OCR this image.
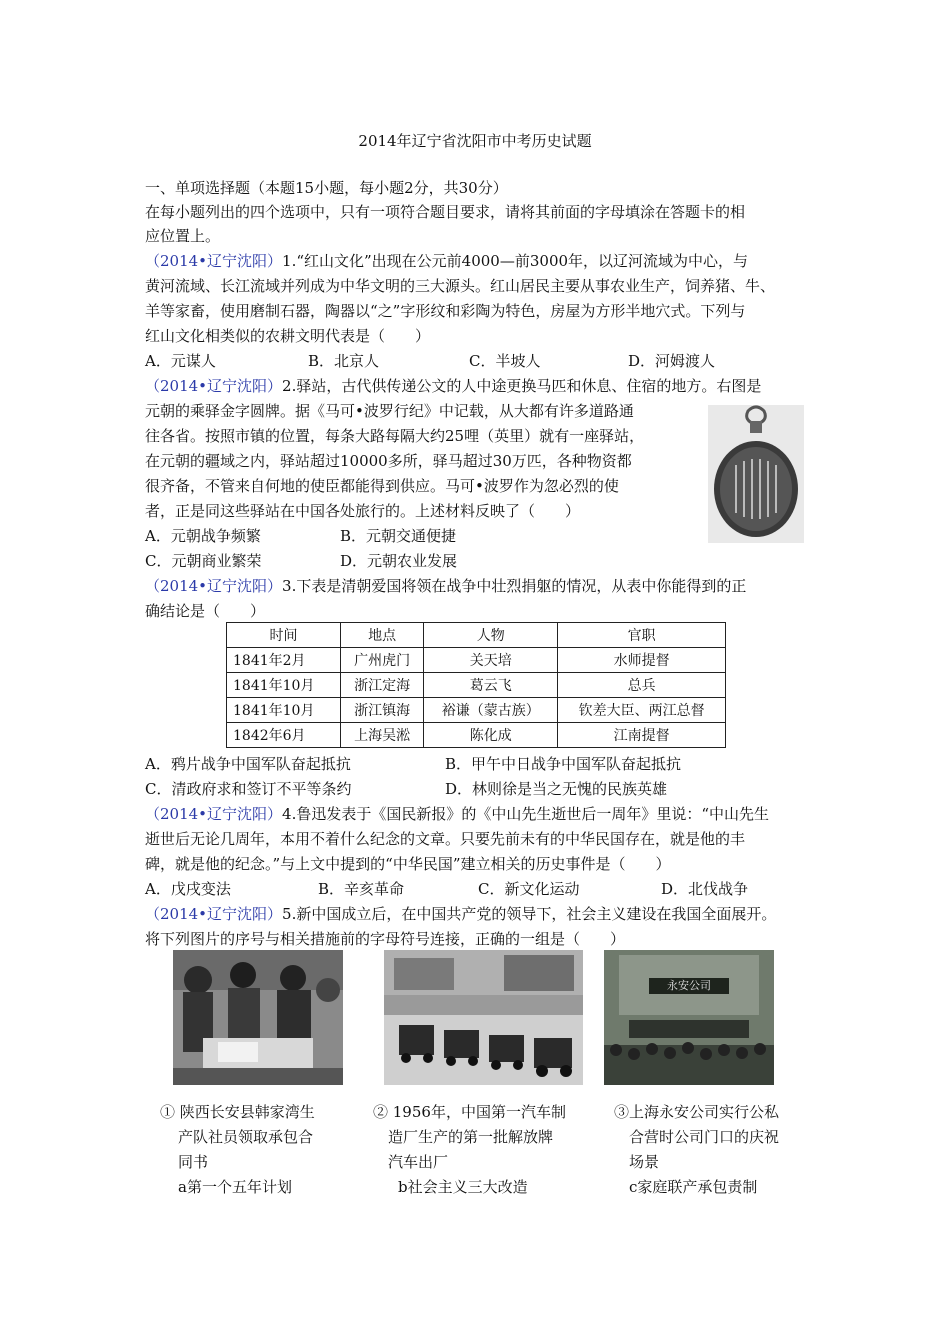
2014年辽宁省沈阳市中考历史试题
一、单项选择题（本题15小题，每小题2分，共30分）
在每小题列出的四个选项中，只有一项符合题目要求，请将其前面的字母填涂在答题卡的相
应位置上。
（2014•辽宁沈阳）1.“红山文化”出现在公元前4000—前3000年，以辽河流域为中心，与
黄河流域、长江流域并列成为中华文明的三大源头。红山居民主要从事农业生产，饲养猪、牛、
羊等家畜，使用磨制石器，陶器以“之”字形纹和彩陶为特色，房屋为方形半地穴式。下列与
红山文化相类似的农耕文明代表是（　　）
A．元谋人	B．北京人	C．半坡人	D．河姆渡人
（2014•辽宁沈阳）2.驿站，古代供传递公文的人中途更换马匹和休息、住宿的地方。右图是
元朝的乘驿金字圆牌。据《马可•波罗行纪》中记载，从大都有许多道路通
往各省。按照市镇的位置，每条大路每隔大约25哩（英里）就有一座驿站，
在元朝的疆域之内，驿站超过10000多所，驿马超过30万匹，各种物资都
很齐备，不管来自何地的使臣都能得到供应。马可•波罗作为忽必烈的使
者，正是同这些驿站在中国各处旅行的。上述材料反映了（　　）
A．元朝战争频繁	B．元朝交通便捷
C．元朝商业繁荣	D．元朝农业发展
（2014•辽宁沈阳）3.下表是清朝爱国将领在战争中壮烈捐躯的情况，从表中你能得到的正
确结论是（　　）
时间	地点	人物	官职
1841年2月	广州虎门	关天培	水师提督
1841年10月	浙江定海	葛云飞	总兵
1841年10月	浙江镇海	裕谦（蒙古族）	钦差大臣、两江总督
1842年6月	上海吴淞	陈化成	江南提督
A．鸦片战争中国军队奋起抵抗	B．甲午中日战争中国军队奋起抵抗
C．清政府求和签订不平等条约	D．林则徐是当之无愧的民族英雄
（2014•辽宁沈阳）4.鲁迅发表于《国民新报》的《中山先生逝世后一周年》里说：“中山先生
逝世后无论几周年，本用不着什么纪念的文章。只要先前未有的中华民国存在，就是他的丰
碑，就是他的纪念。”与上文中提到的“中华民国”建立相关的历史事件是（　　）
A．戊戌变法	B．辛亥革命	C．新文化运动	D．北伐战争
（2014•辽宁沈阳）5.新中国成立后，在中国共产党的领导下，社会主义建设在我国全面展开。
将下列图片的序号与相关措施前的字母符号连接，正确的一组是（　　）
永安公司
① 陕西长安县韩家湾生
产队社员领取承包合
同书
a第一个五年计划
② 1956年，中国第一汽车制
造厂生产的第一批解放牌
汽车出厂
b社会主义三大改造
③上海永安公司实行公私
合营时公司门口的庆祝
场景
c家庭联产承包责制
